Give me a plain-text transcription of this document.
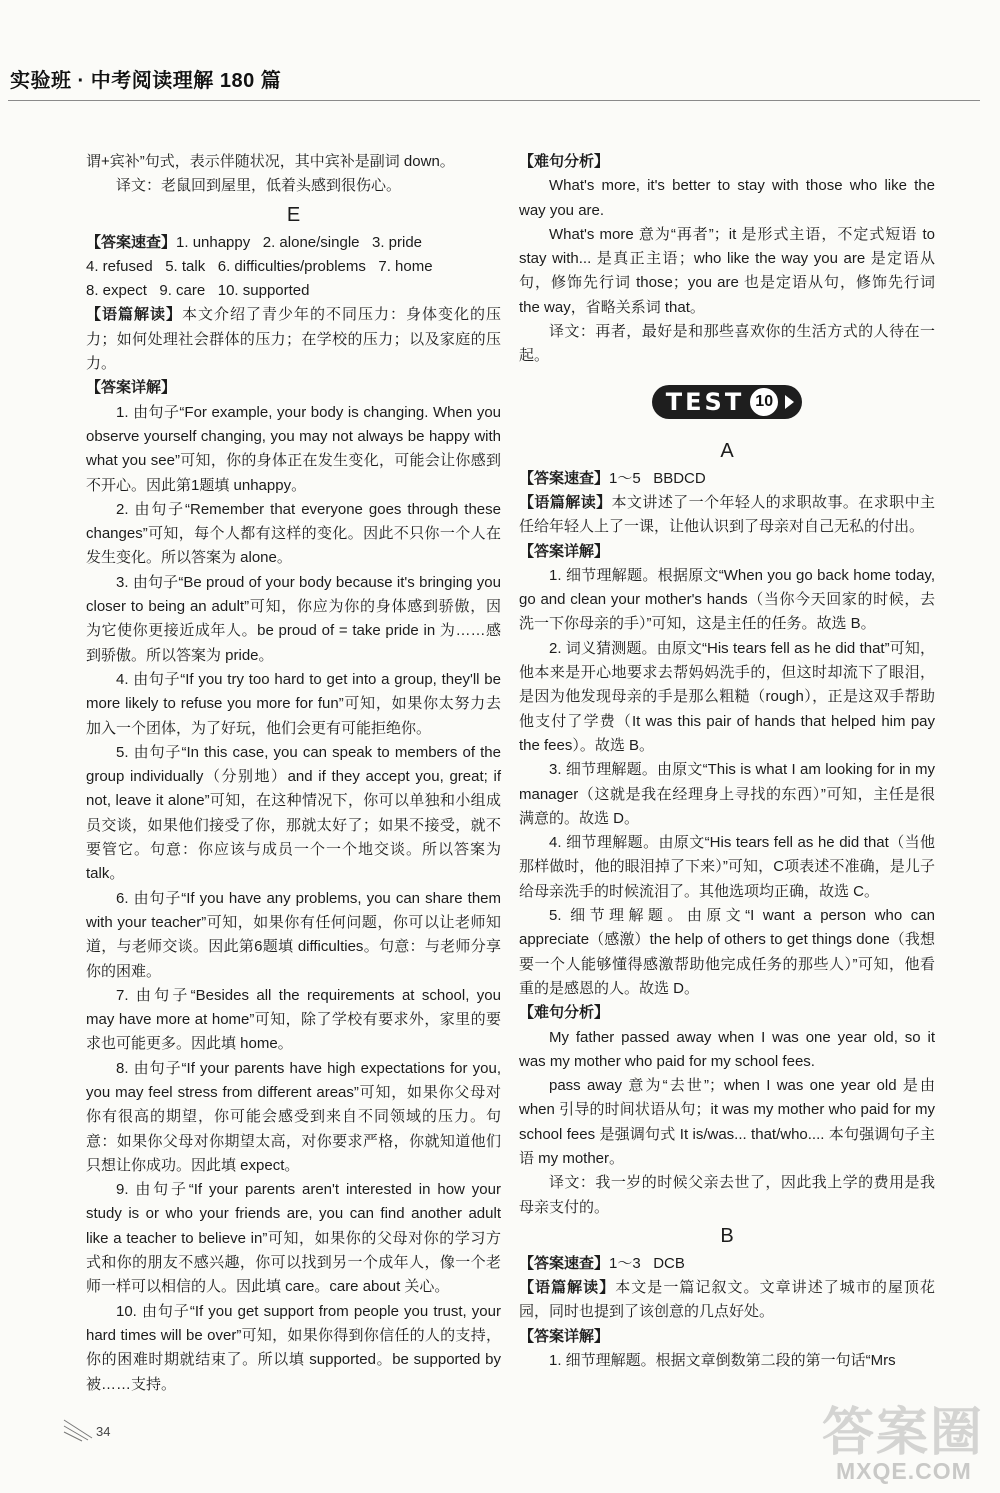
实验班 · 中考阅读理解 180 篇

谓+宾补”句式，表示伴随状况，其中宾补是副词 down。

译文：老鼠回到屋里，低着头感到很伤心。

E

【答案速查】1. unhappy   2. alone/single   3. pride

4. refused   5. talk   6. difficulties/problems   7. home

8. expect   9. care   10. supported

【语篇解读】本文介绍了青少年的不同压力：身体变化的压力；如何处理社会群体的压力；在学校的压力；以及家庭的压力。

【答案详解】

1. 由句子“For example, your body is changing. When you observe yourself changing, you may not always be happy with what you see”可知，你的身体正在发生变化，可能会让你感到不开心。因此第1题填 unhappy。

2. 由句子“Remember that everyone goes through these changes”可知，每个人都有这样的变化。因此不只你一个人在发生变化。所以答案为 alone。

3. 由句子“Be proud of your body because it's bringing you closer to being an adult”可知，你应为你的身体感到骄傲，因为它使你更接近成年人。be proud of = take pride in 为……感到骄傲。所以答案为 pride。

4. 由句子“If you try too hard to get into a group, they'll be more likely to refuse you more for fun”可知，如果你太努力去加入一个团体，为了好玩，他们会更有可能拒绝你。

5. 由句子“In this case, you can speak to members of the group individually（分别地）and if they accept you, great; if not, leave it alone”可知，在这种情况下，你可以单独和小组成员交谈，如果他们接受了你，那就太好了；如果不接受，就不要管它。句意：你应该与成员一个一个地交谈。所以答案为 talk。

6. 由句子“If you have any problems, you can share them with your teacher”可知，如果你有任何问题，你可以让老师知道，与老师交谈。因此第6题填 difficulties。句意：与老师分享你的困难。

7. 由句子“Besides all the requirements at school, you may have more at home”可知，除了学校有要求外，家里的要求也可能更多。因此填 home。

8. 由句子“If your parents have high expectations for you, you may feel stress from different areas”可知，如果你父母对你有很高的期望，你可能会感受到来自不同领域的压力。句意：如果你父母对你期望太高，对你要求严格，你就知道他们只想让你成功。因此填 expect。

9. 由句子“If your parents aren't interested in how your study is or who your friends are, you can find another adult like a teacher to believe in”可知，如果你的父母对你的学习方式和你的朋友不感兴趣，你可以找到另一个成年人，像一个老师一样可以相信的人。因此填 care。care about 关心。

10. 由句子“If you get support from people you trust, your hard times will be over”可知，如果你得到你信任的人的支持，你的困难时期就结束了。所以填 supported。be supported by 被……支持。

【难句分析】

What's more, it's better to stay with those who like the way you are.

What's more 意为“再者”；it 是形式主语，不定式短语 to stay with... 是真正主语；who like the way you are 是定语从句，修饰先行词 those；you are 也是定语从句，修饰先行词 the way，省略关系词 that。

译文：再者，最好是和那些喜欢你的生活方式的人待在一起。

TEST 10

A

【答案速查】1～5   BBDCD

【语篇解读】本文讲述了一个年轻人的求职故事。在求职中主任给年轻人上了一课，让他认识到了母亲对自己无私的付出。

【答案详解】

1. 细节理解题。根据原文“When you go back home today, go and clean your mother's hands（当你今天回家的时候，去洗一下你母亲的手）”可知，这是主任的任务。故选 B。

2. 词义猜测题。由原文“His tears fell as he did that”可知，他本来是开心地要求去帮妈妈洗手的，但这时却流下了眼泪，是因为他发现母亲的手是那么粗糙（rough），正是这双手帮助他支付了学费（It was this pair of hands that helped him pay the fees）。故选 B。

3. 细节理解题。由原文“This is what I am looking for in my manager（这就是我在经理身上寻找的东西）”可知，主任是很满意的。故选 D。

4. 细节理解题。由原文“His tears fell as he did that（当他那样做时，他的眼泪掉了下来）”可知，C项表述不准确，是儿子给母亲洗手的时候流泪了。其他选项均正确，故选 C。

5. 细节理解题。由原文“I want a person who can appreciate（感激）the help of others to get things done（我想要一个人能够懂得感激帮助他完成任务的那些人）”可知，他看重的是感恩的人。故选 D。

【难句分析】

My father passed away when I was one year old, so it was my mother who paid for my school fees.

pass away 意为“去世”；when I was one year old 是由 when 引导的时间状语从句；it was my mother who paid for my school fees 是强调句式 It is/was... that/who.... 本句强调句子主语 my mother。

译文：我一岁的时候父亲去世了，因此我上学的费用是我母亲支付的。

B

【答案速查】1～3   DCB

【语篇解读】本文是一篇记叙文。文章讲述了城市的屋顶花园，同时也提到了该创意的几点好处。

【答案详解】

1. 细节理解题。根据文章倒数第二段的第一句话“Mrs

34	答案圈
MXQE.COM
